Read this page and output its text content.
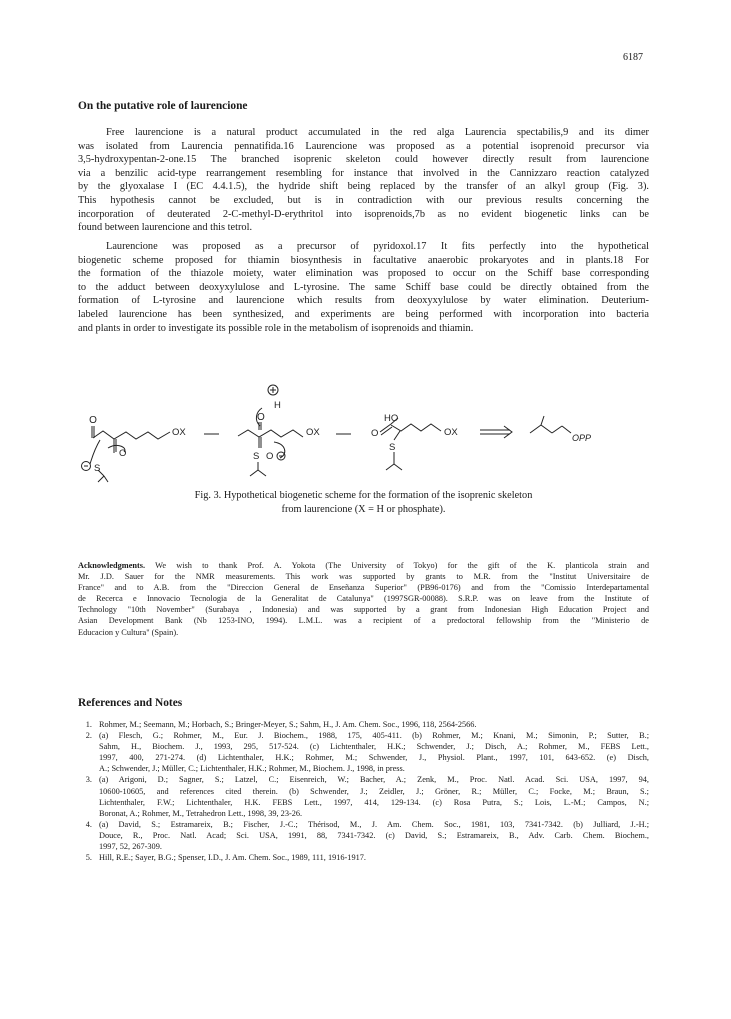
6187
On the putative role of laurencione
Free laurencione is a natural product accumulated in the red alga Laurencia spectabilis,9 and its dimer
was isolated from Laurencia pennatifida.16 Laurencione was proposed as a potential isoprenoid precursor via
3,5-hydroxypentan-2-one.15 The branched isoprenic skeleton could however directly result from laurencione
via a benzilic acid-type rearrangement resembling for instance that involved in the Cannizzaro reaction catalyzed
by the glyoxalase I (EC 4.4.1.5), the hydride shift being replaced by the transfer of an alkyl group (Fig. 3).
This hypothesis cannot be excluded, but is in contradiction with our previous results concerning the
incorporation of deuterated 2-C-methyl-D-erythritol into isoprenoids,7b as no evident biogenetic links can be
found between laurencione and this tetrol.
Laurencione was proposed as a precursor of pyridoxol.17 It fits perfectly into the hypothetical
biogenetic scheme proposed for thiamin biosynthesis in facultative anaerobic prokaryotes and in plants.18 For
the formation of the thiazole moiety, water elimination was proposed to occur on the Schiff base corresponding
to the adduct between deoxyxylulose and L-tyrosine. The same Schiff base could be directly obtained from the
formation of L-tyrosine and laurencione which results from deoxyxylulose by water elimination. Deuterium-
labeled laurencione has been synthesized, and experiments are being performed with incorporation into bacteria
and plants in order to investigate its possible role in the metabolism of isoprenoids and thiamin.
O
OX
O
S
H
O
OX
S O
HO
O	OX
S
OPP
Fig. 3. Hypothetical biogenetic scheme for the formation of the isoprenic skeleton
from laurencione (X = H or phosphate).
Acknowledgments. We wish to thank Prof. A. Yokota (The University of Tokyo) for the gift of the K. planticola strain and
Mr. J.D. Sauer for the NMR measurements. This work was supported by grants to M.R. from the "Institut Universitaire de
France" and to A.B. from the "Direccion General de Enseñanza Superior" (PB96-0176) and from the "Comissio Interdepartamental
de Recerca e Innovacio Tecnologia de la Generalitat de Catalunya" (1997SGR-00088). S.R.P. was on leave from the Institute of
Technology "10th November" (Surabaya , Indonesia) and was supported by a grant from Indonesian High Education Project and
Asian Development Bank (Nb 1253-INO, 1994). L.M.L. was a recipient of a predoctoral fellowship from the "Ministerio de
Educacion y Cultura" (Spain).
References and Notes
1. Rohmer, M.; Seemann, M.; Horbach, S.; Bringer-Meyer, S.; Sahm, H., J. Am. Chem. Soc., 1996, 118, 2564-2566.
2. (a) Flesch, G.; Rohmer, M., Eur. J. Biochem., 1988, 175, 405-411. (b) Rohmer, M.; Knani, M.; Simonin, P.; Sutter, B.;
Sahm, H., Biochem. J., 1993, 295, 517-524. (c) Lichtenthaler, H.K.; Schwender, J.; Disch, A.; Rohmer, M., FEBS Lett.,
1997, 400, 271-274. (d) Lichtenthaler, H.K.; Rohmer, M.; Schwender, J., Physiol. Plant., 1997, 101, 643-652. (e) Disch,
A.; Schwender, J.; Müller, C.; Lichtenthaler, H.K.; Rohmer, M., Biochem. J., 1998, in press.
3. (a) Arigoni, D.; Sagner, S.; Latzel, C.; Eisenreich, W.; Bacher, A.; Zenk, M., Proc. Natl. Acad. Sci. USA, 1997, 94,
10600-10605, and references cited therein. (b) Schwender, J.; Zeidler, J.; Gröner, R.; Müller, C.; Focke, M.; Braun, S.;
Lichtenthaler, F.W.; Lichtenthaler, H.K. FEBS Lett., 1997, 414, 129-134. (c) Rosa Putra, S.; Lois, L.-M.; Campos, N.;
Boronat, A.; Rohmer, M., Tetrahedron Lett., 1998, 39, 23-26.
4. (a) David, S.; Estramareix, B.; Fischer, J.-C.; Thérisod, M., J. Am. Chem. Soc., 1981, 103, 7341-7342. (b) Julliard, J.-H.;
Douce, R., Proc. Natl. Acad; Sci. USA, 1991, 88, 7341-7342. (c) David, S.; Estramareix, B., Adv. Carb. Chem. Biochem.,
1997, 52, 267-309.
5. Hill, R.E.; Sayer, B.G.; Spenser, I.D., J. Am. Chem. Soc., 1989, 111, 1916-1917.
